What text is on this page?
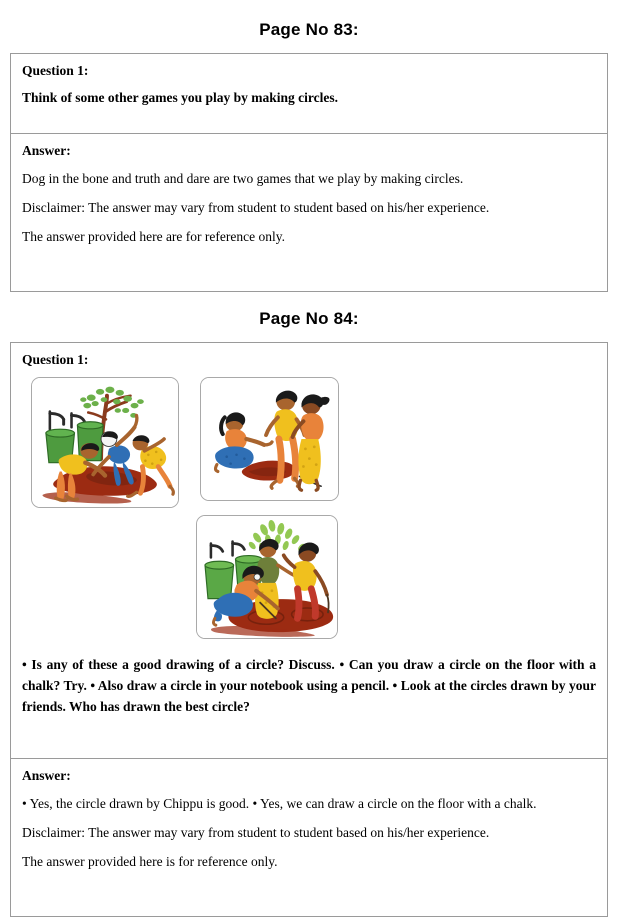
Page No 83:

Question 1:

Think of some other games you play by making circles.

Answer:

Dog in the bone and truth and dare are two games that we play by making circles.

Disclaimer: The answer may vary from student to student based on his/her experience.

The answer provided here are for reference only.

Page No 84:

Question 1:

• Is any of these a good drawing of a circle? Discuss. • Can you draw a circle on the floor with a chalk? Try. • Also draw a circle in your notebook using a pencil. • Look at the circles drawn by your friends. Who has drawn the best circle?

Answer:

• Yes, the circle drawn by Chippu is good. • Yes, we can draw a circle on the floor with a chalk.

Disclaimer: The answer may vary from student to student based on his/her experience.

The answer provided here is for reference only.
